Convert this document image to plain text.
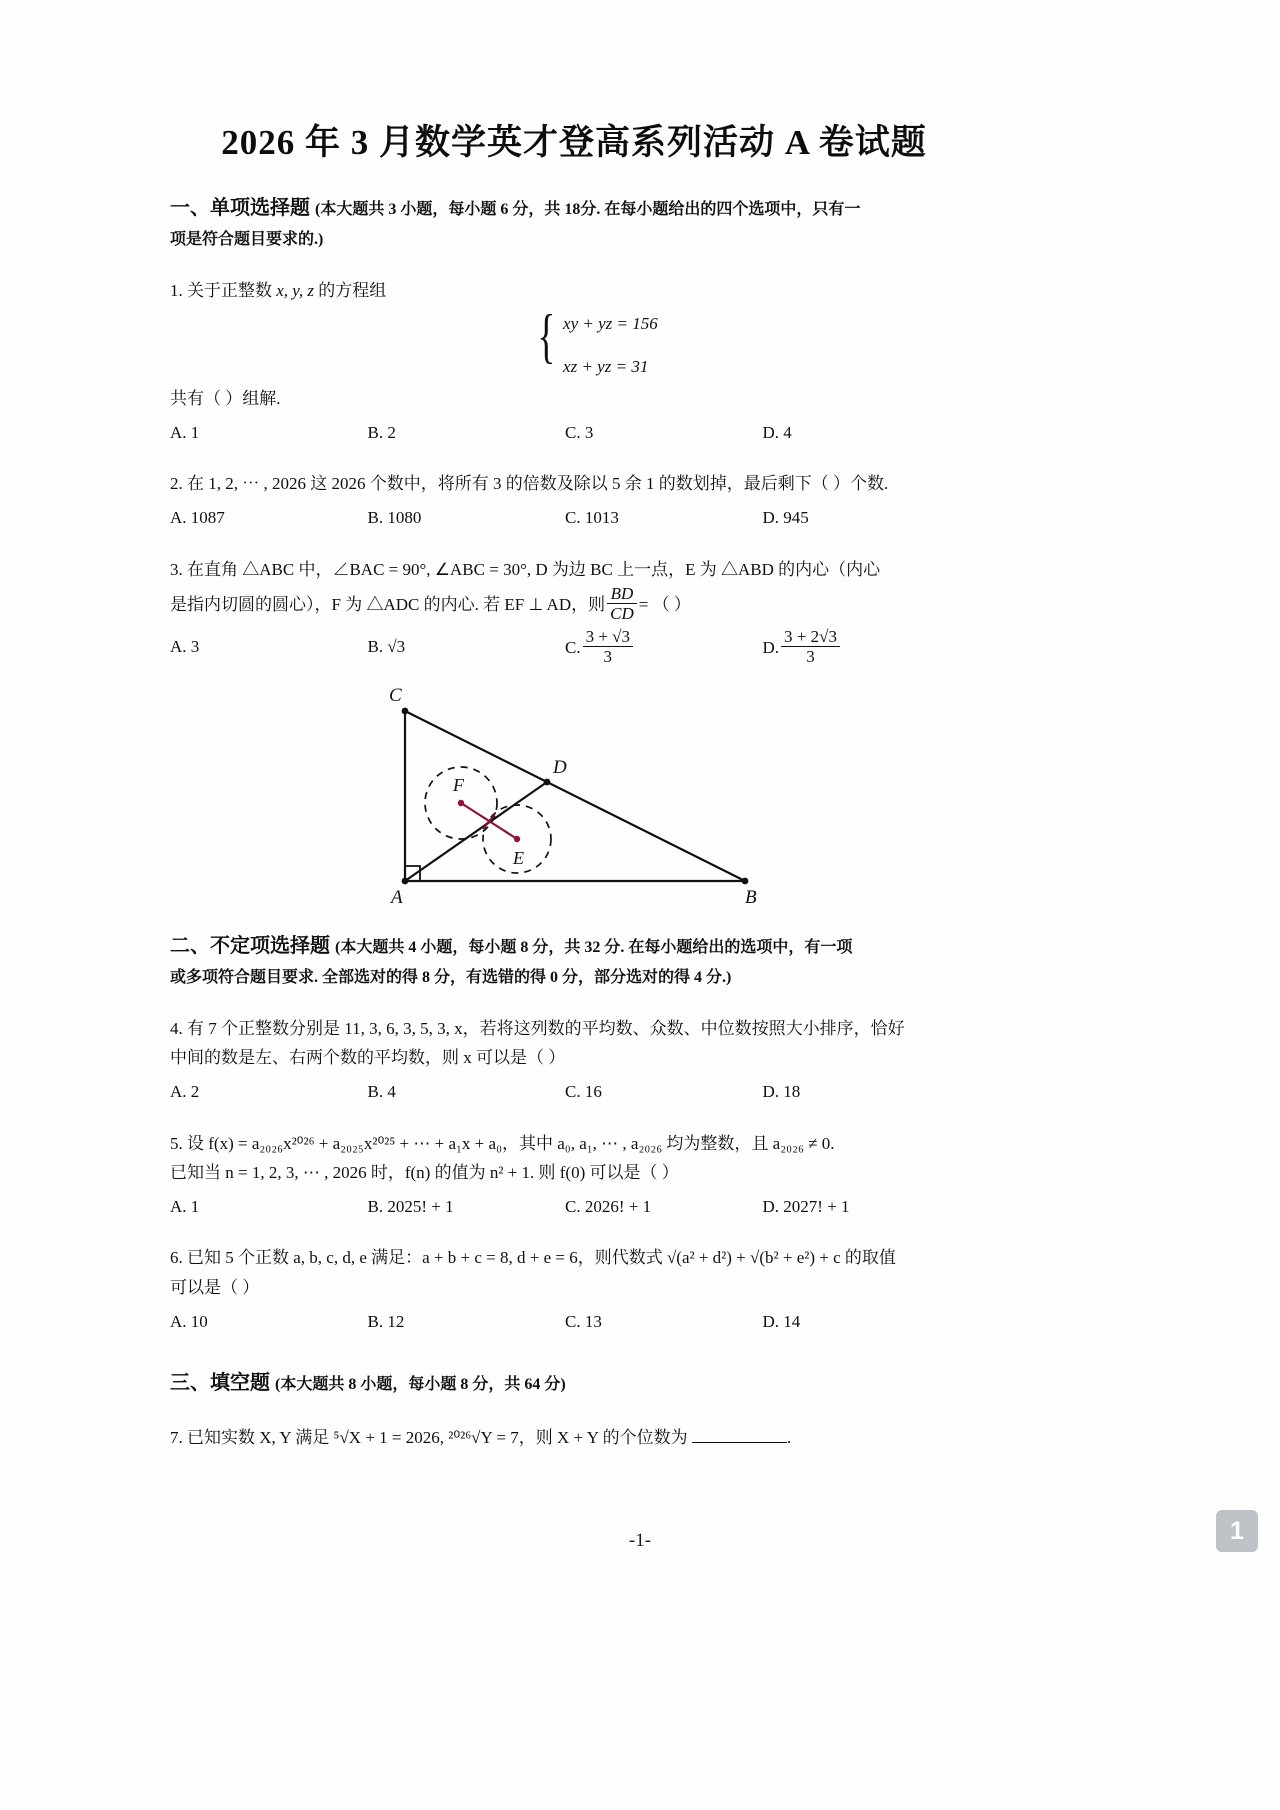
2026 年 3 月数学英才登高系列活动 A 卷试题
一、单项选择题 (本大题共 3 小题，每小题 6 分，共 18分. 在每小题给出的四个选项中，只有一
项是符合题目要求的.)
1. 关于正整数 x, y, z 的方程组
{ xy + yz = 156
xz + yz = 31
共有（ ）组解.
A. 1	B. 2	C. 3	D. 4
2. 在 1, 2, ⋯ , 2026 这 2026 个数中，将所有 3 的倍数及除以 5 余 1 的数划掉，最后剩下（ ）个数.
A. 1087	B. 1080	C. 1013	D. 945
3. 在直角 △ABC 中，∠BAC = 90°, ∠ABC = 30°, D 为边 BC 上一点，E 为 △ABD 的内心（内心
是指内切圆的圆心），F 为 △ADC 的内心. 若 EF ⊥ AD，则 $\frac{BD}{CD}$ = （ ）
A. 3	B. √3	C. $\frac{3 + √3}{3}$	D. $\frac{3 + 2√3}{3}$
C
D
F
E
A	B
二、不定项选择题 (本大题共 4 小题，每小题 8 分，共 32 分. 在每小题给出的选项中，有一项
或多项符合题目要求. 全部选对的得 8 分，有选错的得 0 分，部分选对的得 4 分.)
4. 有 7 个正整数分别是 11, 3, 6, 3, 5, 3, x，若将这列数的平均数、众数、中位数按照大小排序，恰好
中间的数是左、右两个数的平均数，则 x 可以是（ ）
A. 2	B. 4	C. 16	D. 18
5. 设 f(x) = a₂₀₂₆x²⁰²⁶ + a₂₀₂₅x²⁰²⁵ + ⋯ + a₁x + a₀，其中 a₀, a₁, ⋯ , a₂₀₂₆ 均为整数，且 a₂₀₂₆ ≠ 0.
已知当 n = 1, 2, 3, ⋯ , 2026 时，f(n) 的值为 n² + 1. 则 f(0) 可以是（ ）
A. 1	B. 2025! + 1	C. 2026! + 1	D. 2027! + 1
6. 已知 5 个正数 a, b, c, d, e 满足：a + b + c = 8, d + e = 6，则代数式 √(a² + d²) + √(b² + e²) + c 的取值
可以是（ ）
A. 10	B. 12	C. 13	D. 14
三、填空题 (本大题共 8 小题，每小题 8 分，共 64 分)
7. 已知实数 X, Y 满足 ⁵√X + 1 = 2026, ²⁰²⁶√Y = 7，则 X + Y 的个位数为	.
-1-	1
